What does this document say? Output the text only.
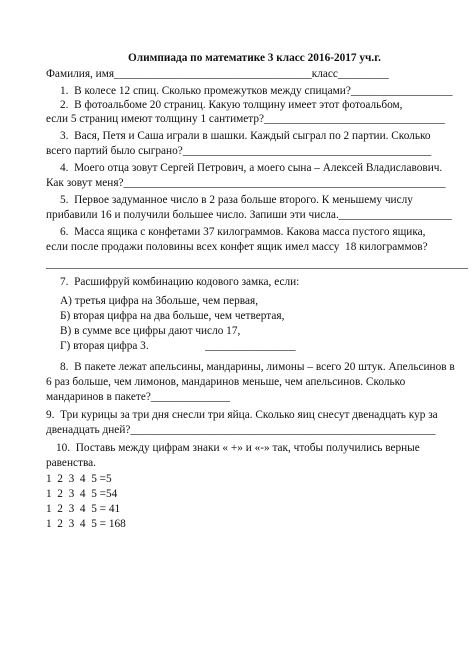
Олимпиада по математике 3 класс 2016-2017 уч.г.
Фамилия, имя___________________________________класс_________
1.  В колесе 12 спиц. Сколько промежутков между спицами?__________________
2.  В фотоальбоме 20 страниц. Какую толщину имеет этот фотоальбом,
если 5 страниц имеют толщину 1 сантиметр?________________________________
3.  Вася, Петя и Саша играли в шашки. Каждый сыграл по 2 партии. Сколько
всего партий было сыграно?____________________________________________
4.  Моего отца зовут Сергей Петрович, а моего сына – Алексей Владиславович.
Как зовут меня?_________________________________________________________
5.  Первое задуманное число в 2 раза больше второго. К меньшему числу
прибавили 16 и получили большее число. Запиши эти числа.____________________
6.  Масса ящика с конфетами 37 килограммов. Какова масса пустого ящика,
если после продажи половины всех конфет ящик имел массу  18 килограммов?
_____________________________________________________________________________
7.  Расшифруй комбинацию кодового замка, если:
А) третья цифра на 3больше, чем первая,
Б) вторая цифра на два больше, чем четвертая,
В) в сумме все цифры дают число 17,
Г) вторая цифра 3.                    ________________
8.  В пакете лежат апельсины, мандарины, лимоны – всего 20 штук. Апельсинов в
6 раз больше, чем лимонов, мандаринов меньше, чем апельсинов. Сколько
мандаринов в пакете?______________
9.  Три курицы за три дня снесли три яйца. Сколько яиц снесут двенадцать кур за
двенадцать дней?______________________________________________________
10.  Поставь между цифрам знаки « +» и «-» так, чтобы получились верные
равенства.
1  2  3  4  5 =5
1  2  3  4  5 =54
1  2  3  4  5 = 41
1  2  3  4  5 = 168
